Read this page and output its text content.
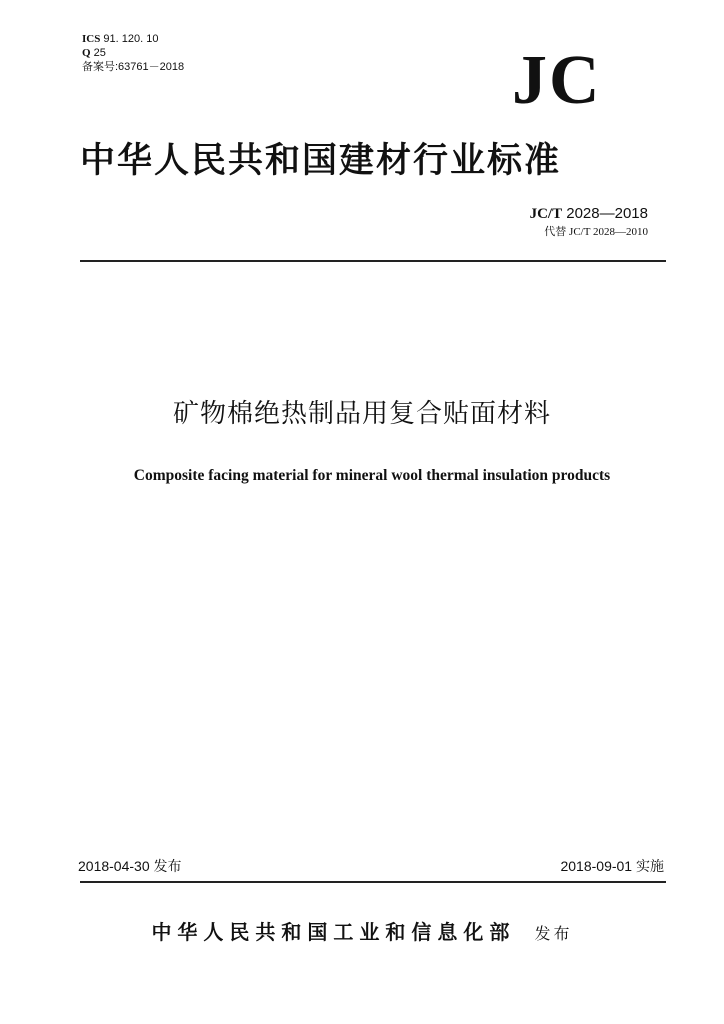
ICS 91. 120. 10
Q 25
备案号:63761－2018	JC
中华人民共和国建材行业标准
JC/T 2028—2018
代替 JC/T 2028—2010
矿物棉绝热制品用复合贴面材料
Composite facing material for mineral wool thermal insulation products
2018-04-30 发布	2018-09-01 实施
中华人民共和国工业和信息化部 发布
